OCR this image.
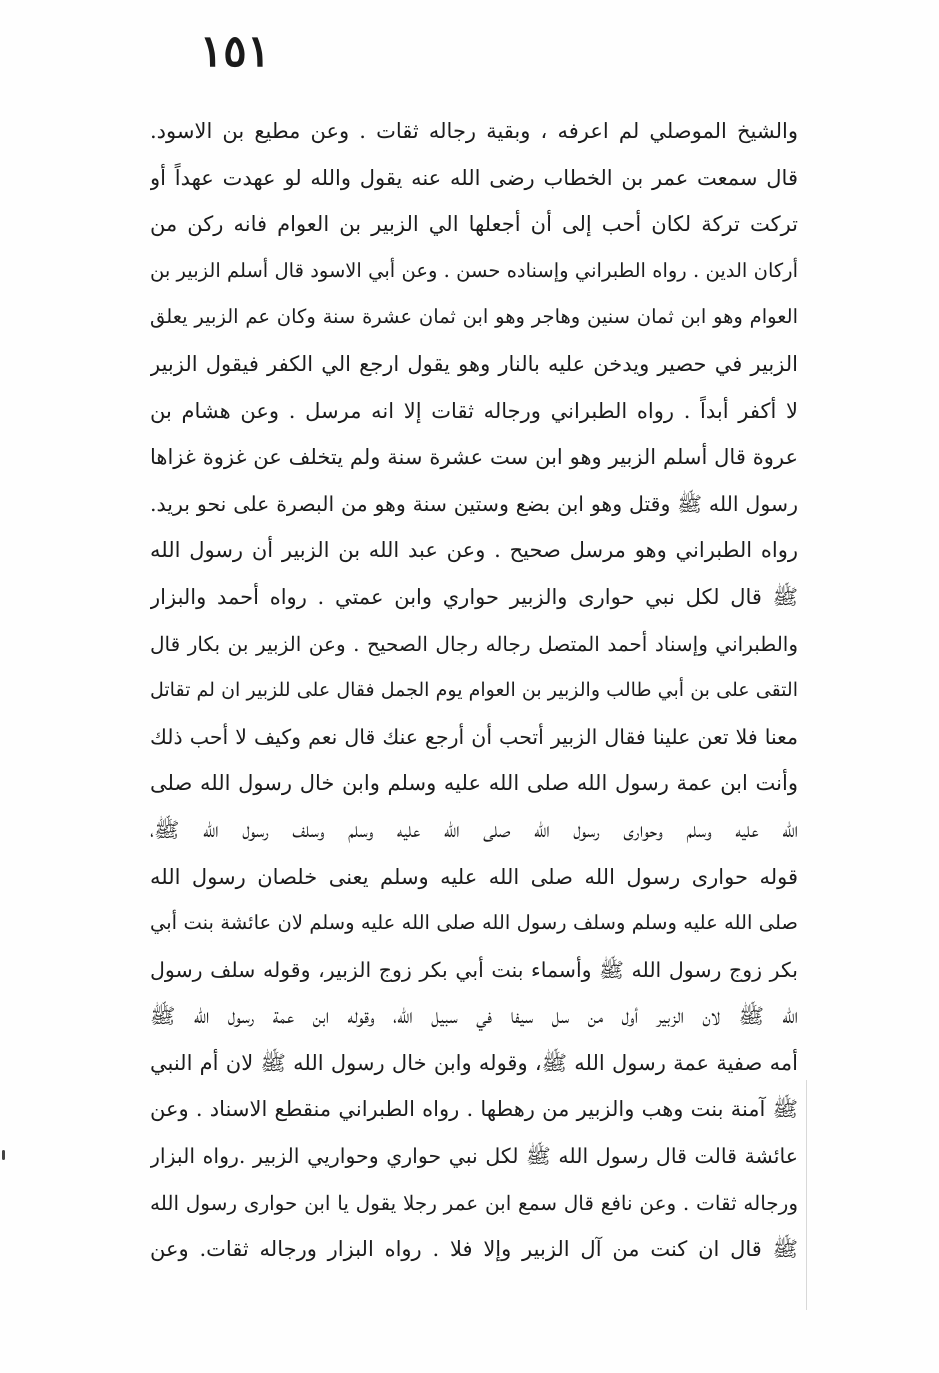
١٥١
والشيخ الموصلي لم اعرفه ، وبقية رجاله ثقات . وعن مطيع بن الاسود.
قال سمعت عمر بن الخطاب رضى الله عنه يقول والله لو عهدت عهداً أو
تركت تركة لكان أحب إلى أن أجعلها الي الزبير بن العوام فانه ركن من
أركان الدين . رواه الطبراني وإسناده حسن . وعن أبي الاسود قال أسلم الزبير بن
العوام وهو ابن ثمان سنين وهاجر وهو ابن ثمان عشرة سنة وكان عم الزبير يعلق
الزبير في حصير ويدخن عليه بالنار وهو يقول ارجع الي الكفر فيقول الزبير
لا أكفر أبداً . رواه الطبراني ورجاله ثقات إلا انه مرسل . وعن هشام بن
عروة قال أسلم الزبير وهو ابن ست عشرة سنة ولم يتخلف عن غزوة غزاها
رسول الله ﷺ وقتل وهو ابن بضع وستين سنة وهو من البصرة على نحو بريد.
رواه الطبراني وهو مرسل صحيح . وعن عبد الله بن الزبير أن رسول الله
ﷺ قال لكل نبي حوارى والزبير حواري وابن عمتي . رواه أحمد والبزار
والطبراني وإسناد أحمد المتصل رجاله رجال الصحيح . وعن الزبير بن بكار قال
التقى على بن أبي طالب والزبير بن العوام يوم الجمل فقال على للزبير ان لم تقاتل
معنا فلا تعن علينا فقال الزبير أتحب أن أرجع عنك قال نعم وكيف لا أحب ذلك
وأنت ابن عمة رسول الله صلى الله عليه وسلم وابن خال رسول الله صلى
الله عليه وسلم وحوارى رسول الله صلى الله عليه وسلم وسلف رسول الله ﷺ،
قوله حوارى رسول الله صلى الله عليه وسلم يعنى خلصان رسول الله
صلى الله عليه وسلم وسلف رسول الله صلى الله عليه وسلم لان عائشة بنت أبي
بكر زوج رسول الله ﷺ وأسماء بنت أبي بكر زوج الزبير، وقوله سلف رسول
الله ﷺ لان الزبير أول من سل سيفا في سبيل الله، وقوله ابن عمة رسول الله ﷺ
أمه صفية عمة رسول الله ﷺ، وقوله وابن خال رسول الله ﷺ لان أم النبي
ﷺ آمنة بنت وهب والزبير من رهطها . رواه الطبراني منقطع الاسناد . وعن
عائشة قالت قال رسول الله ﷺ لكل نبي حواري وحواريي الزبير .رواه البزار
ورجاله ثقات . وعن نافع قال سمع ابن عمر رجلا يقول يا ابن حوارى رسول الله
ﷺ قال ان كنت من آل الزبير وإلا فلا . رواه البزار ورجاله ثقات. وعن
